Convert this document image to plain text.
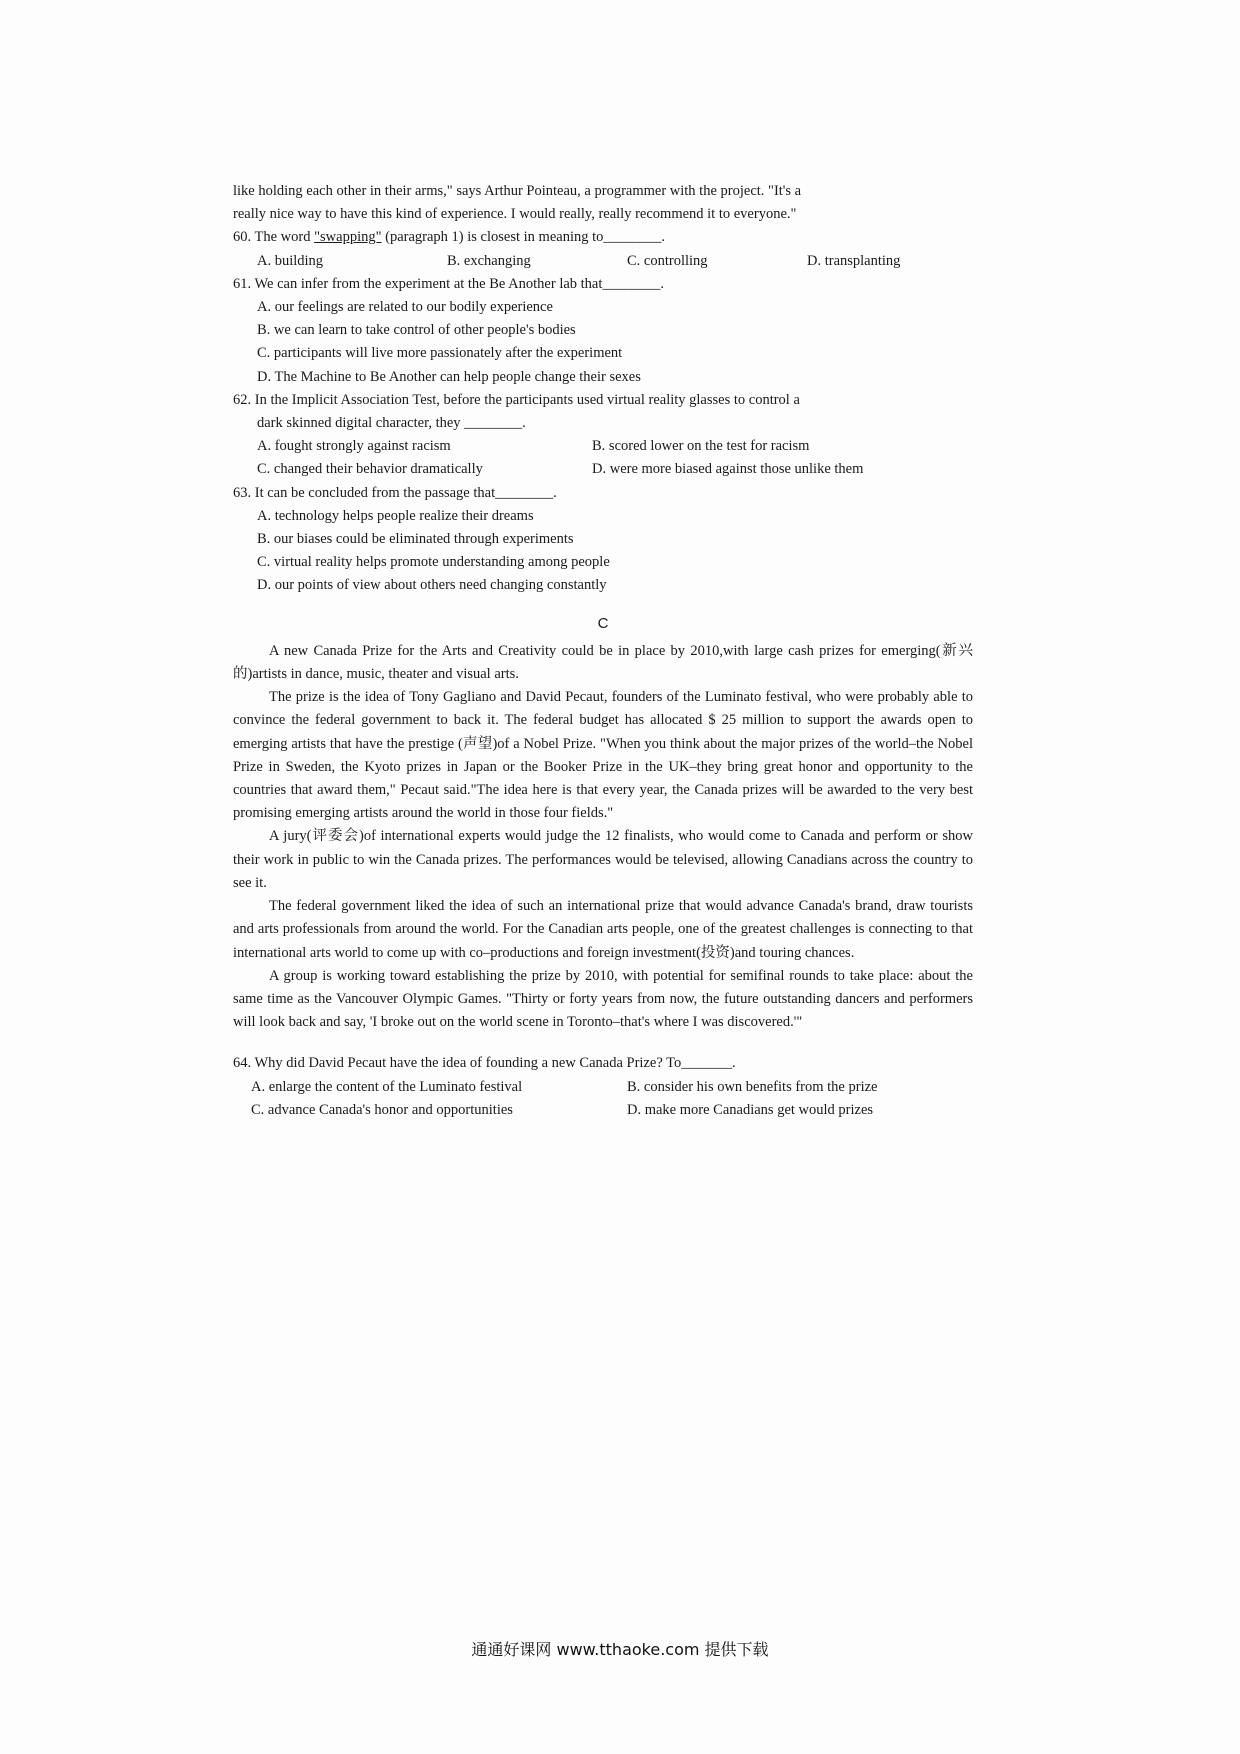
like holding each other in their arms," says Arthur Pointeau, a programmer with the project. "It's a

really nice way to have this kind of experience. I would really, really recommend it to everyone."

60. The word "swapping" (paragraph 1) is closest in meaning to________.

A. building	B. exchanging	C. controlling	D. transplanting

61. We can infer from the experiment at the Be Another lab that________.

A. our feelings are related to our bodily experience
B. we can learn to take control of other people's bodies
C. participants will live more passionately after the experiment
D. The Machine to Be Another can help people change their sexes

62. In the Implicit Association Test, before the participants used virtual reality glasses to control a

dark skinned digital character, they ________.

A. fought strongly against racism	B. scored lower on the test for racism
C. changed their behavior dramatically	D. were more biased against those unlike them

63. It can be concluded from the passage that________.

A. technology helps people realize their dreams
B. our biases could be eliminated through experiments
C. virtual reality helps promote understanding among people
D. our points of view about others need changing constantly
C

A new Canada Prize for the Arts and Creativity could be in place by 2010,with large cash prizes for emerging(新兴的)artists in dance, music, theater and visual arts.

The prize is the idea of Tony Gagliano and David Pecaut, founders of the Luminato festival, who were probably able to convince the federal government to back it. The federal budget has allocated $ 25 million to support the awards open to emerging artists that have the prestige (声望)of a Nobel Prize. "When you think about the major prizes of the world–the Nobel Prize in Sweden, the Kyoto prizes in Japan or the Booker Prize in the UK–they bring great honor and opportunity to the countries that award them," Pecaut said."The idea here is that every year, the Canada prizes will be awarded to the very best promising emerging artists around the world in those four fields."

A jury(评委会)of international experts would judge the 12 finalists, who would come to Canada and perform or show their work in public to win the Canada prizes. The performances would be televised, allowing Canadians across the country to see it.

The federal government liked the idea of such an international prize that would advance Canada's brand, draw tourists and arts professionals from around the world. For the Canadian arts people, one of the greatest challenges is connecting to that international arts world to come up with co–productions and foreign investment(投资)and touring chances.

A group is working toward establishing the prize by 2010, with potential for semifinal rounds to take place: about the same time as the Vancouver Olympic Games. "Thirty or forty years from now, the future outstanding dancers and performers will look back and say, 'I broke out on the world scene in Toronto–that's where I was discovered.'"

64. Why did David Pecaut have the idea of founding a new Canada Prize? To_______.

A. enlarge the content of the Luminato festival	B. consider his own benefits from the prize
C. advance Canada's honor and opportunities	D. make more Canadians get would prizes
通通好课网 www.tthaoke.com 提供下载
